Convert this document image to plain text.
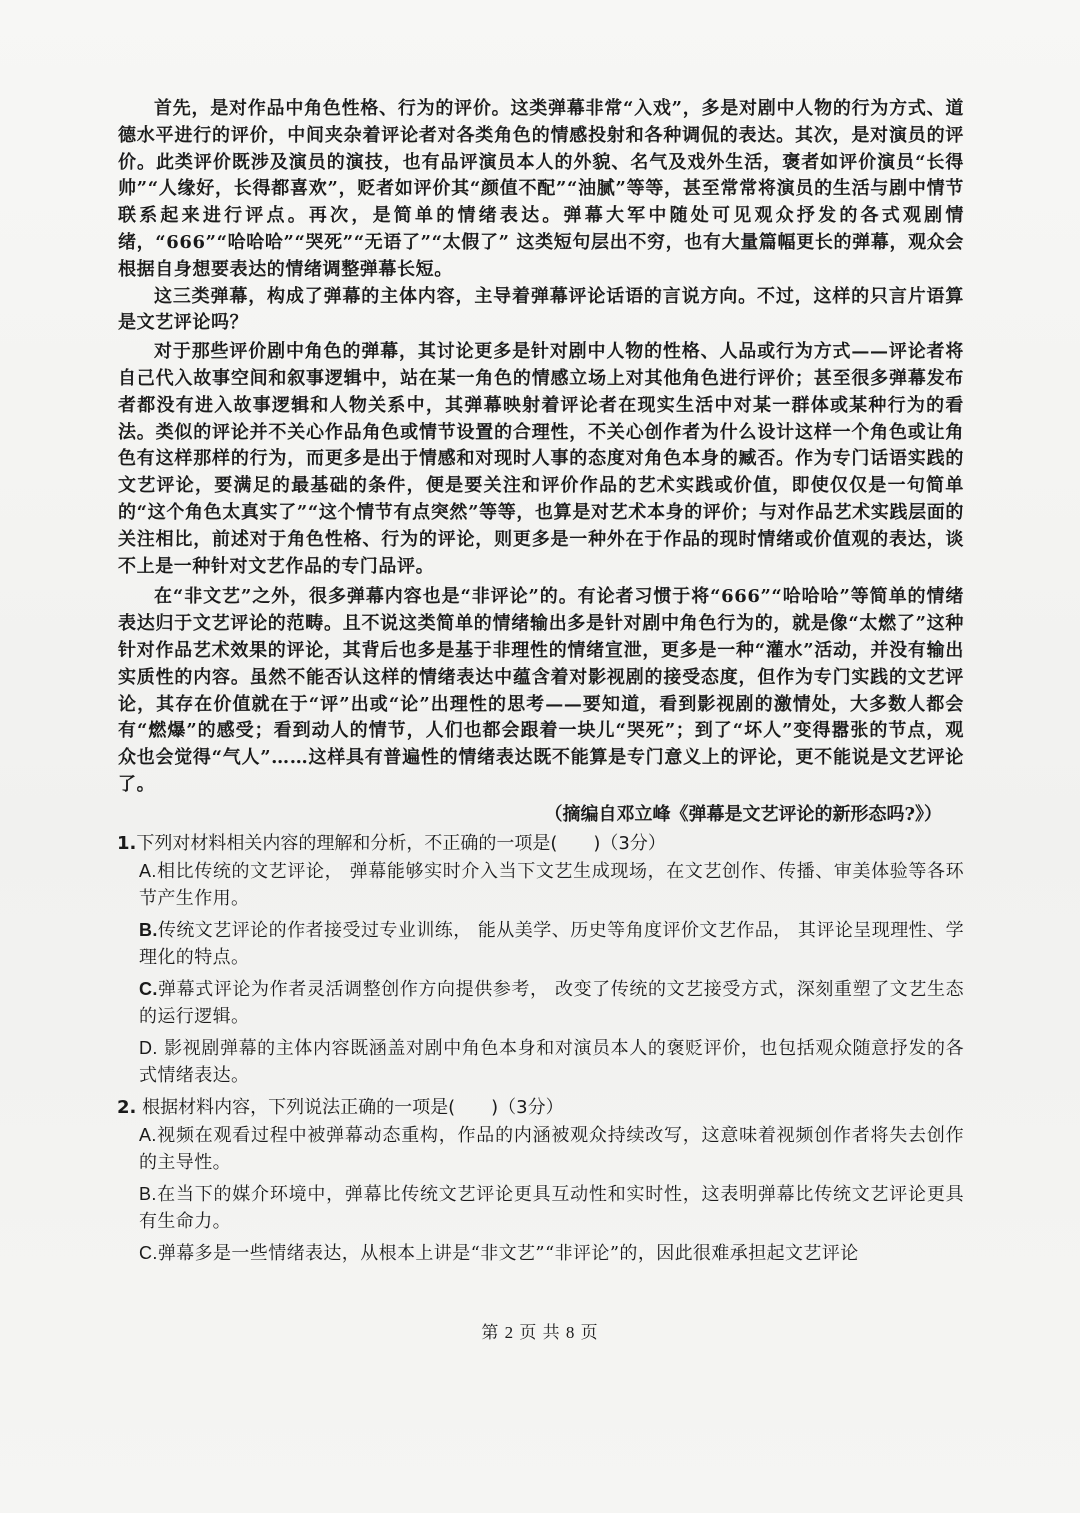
首先，是对作品中角色性格、行为的评价。这类弹幕非常“入戏”，多是对剧中人物的行为方式、道德水平进行的评价，中间夹杂着评论者对各类角色的情感投射和各种调侃的表达。其次，是对演员的评价。此类评价既涉及演员的演技，也有品评演员本人的外貌、名气及戏外生活，褒者如评价演员“长得帅”“人缘好，长得都喜欢”，贬者如评价其“颜值不配”“油腻”等等，甚至常常将演员的生活与剧中情节联系起来进行评点。再次，是简单的情绪表达。弹幕大军中随处可见观众抒发的各式观剧情绪，“666”“哈哈哈”“哭死”“无语了”“太假了” 这类短句层出不穷，也有大量篇幅更长的弹幕，观众会根据自身想要表达的情绪调整弹幕长短。

这三类弹幕，构成了弹幕的主体内容，主导着弹幕评论话语的言说方向。不过，这样的只言片语算是文艺评论吗？

对于那些评价剧中角色的弹幕，其讨论更多是针对剧中人物的性格、人品或行为方式——评论者将自己代入故事空间和叙事逻辑中，站在某一角色的情感立场上对其他角色进行评价；甚至很多弹幕发布者都没有进入故事逻辑和人物关系中，其弹幕映射着评论者在现实生活中对某一群体或某种行为的看法。类似的评论并不关心作品角色或情节设置的合理性，不关心创作者为什么设计这样一个角色或让角色有这样那样的行为，而更多是出于情感和对现时人事的态度对角色本身的臧否。作为专门话语实践的文艺评论，要满足的最基础的条件，便是要关注和评价作品的艺术实践或价值，即使仅仅是一句简单的“这个角色太真实了”“这个情节有点突然”等等，也算是对艺术本身的评价；与对作品艺术实践层面的关注相比，前述对于角色性格、行为的评论，则更多是一种外在于作品的现时情绪或价值观的表达，谈不上是一种针对文艺作品的专门品评。

在“非文艺”之外，很多弹幕内容也是“非评论”的。有论者习惯于将“666”“哈哈哈”等简单的情绪表达归于文艺评论的范畴。且不说这类简单的情绪输出多是针对剧中角色行为的，就是像“太燃了”这种针对作品艺术效果的评论，其背后也多是基于非理性的情绪宣泄，更多是一种“灌水”活动，并没有输出实质性的内容。虽然不能否认这样的情绪表达中蕴含着对影视剧的接受态度，但作为专门实践的文艺评论，其存在价值就在于“评”出或“论”出理性的思考——要知道，看到影视剧的激情处，大多数人都会有“燃爆”的感受；看到动人的情节，人们也都会跟着一块儿“哭死”；到了“坏人”变得嚣张的节点，观众也会觉得“气人”……这样具有普遍性的情绪表达既不能算是专门意义上的评论，更不能说是文艺评论了。

（摘编自邓立峰《弹幕是文艺评论的新形态吗?》）

1.下列对材料相关内容的理解和分析，不正确的一项是(　　)（3分）

A.相比传统的文艺评论， 弹幕能够实时介入当下文艺生成现场，在文艺创作、传播、审美体验等各环节产生作用。

B.传统文艺评论的作者接受过专业训练， 能从美学、历史等角度评价文艺作品， 其评论呈现理性、学理化的特点。

C.弹幕式评论为作者灵活调整创作方向提供参考， 改变了传统的文艺接受方式，深刻重塑了文艺生态的运行逻辑。

D. 影视剧弹幕的主体内容既涵盖对剧中角色本身和对演员本人的褒贬评价，也包括观众随意抒发的各式情绪表达。

2. 根据材料内容，下列说法正确的一项是(　　)（3分）

A.视频在观看过程中被弹幕动态重构，作品的内涵被观众持续改写，这意味着视频创作者将失去创作的主导性。

B.在当下的媒介环境中，弹幕比传统文艺评论更具互动性和实时性，这表明弹幕比传统文艺评论更具有生命力。

C.弹幕多是一些情绪表达，从根本上讲是“非文艺”“非评论”的，因此很难承担起文艺评论

第 2 页 共 8 页
